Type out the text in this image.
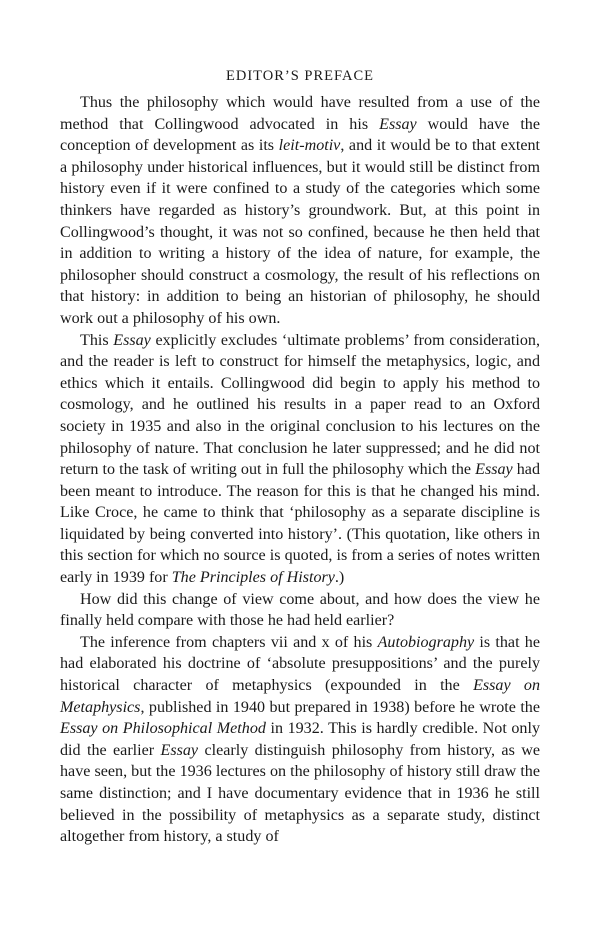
EDITOR’S PREFACE

Thus the philosophy which would have resulted from a use of the method that Collingwood advocated in his Essay would have the conception of development as its leit-motiv, and it would be to that extent a philosophy under historical influences, but it would still be distinct from history even if it were confined to a study of the categories which some thinkers have regarded as history’s groundwork. But, at this point in Collingwood’s thought, it was not so confined, because he then held that in addition to writing a history of the idea of nature, for example, the philosopher should construct a cosmology, the result of his reflections on that history: in addition to being an historian of philosophy, he should work out a philosophy of his own.

This Essay explicitly excludes ‘ultimate problems’ from consideration, and the reader is left to construct for himself the metaphysics, logic, and ethics which it entails. Collingwood did begin to apply his method to cosmology, and he outlined his results in a paper read to an Oxford society in 1935 and also in the original conclusion to his lectures on the philosophy of nature. That conclusion he later suppressed; and he did not return to the task of writing out in full the philosophy which the Essay had been meant to introduce. The reason for this is that he changed his mind. Like Croce, he came to think that ‘philosophy as a separate discipline is liquidated by being converted into history’. (This quotation, like others in this section for which no source is quoted, is from a series of notes written early in 1939 for The Principles of History.)

How did this change of view come about, and how does the view he finally held compare with those he had held earlier?

The inference from chapters vii and x of his Autobiography is that he had elaborated his doctrine of ‘absolute presuppositions’ and the purely historical character of metaphysics (expounded in the Essay on Metaphysics, published in 1940 but prepared in 1938) before he wrote the Essay on Philosophical Method in 1932. This is hardly credible. Not only did the earlier Essay clearly distinguish philosophy from history, as we have seen, but the 1936 lectures on the philosophy of history still draw the same distinction; and I have documentary evidence that in 1936 he still believed in the possibility of metaphysics as a separate study, distinct altogether from history, a study of
